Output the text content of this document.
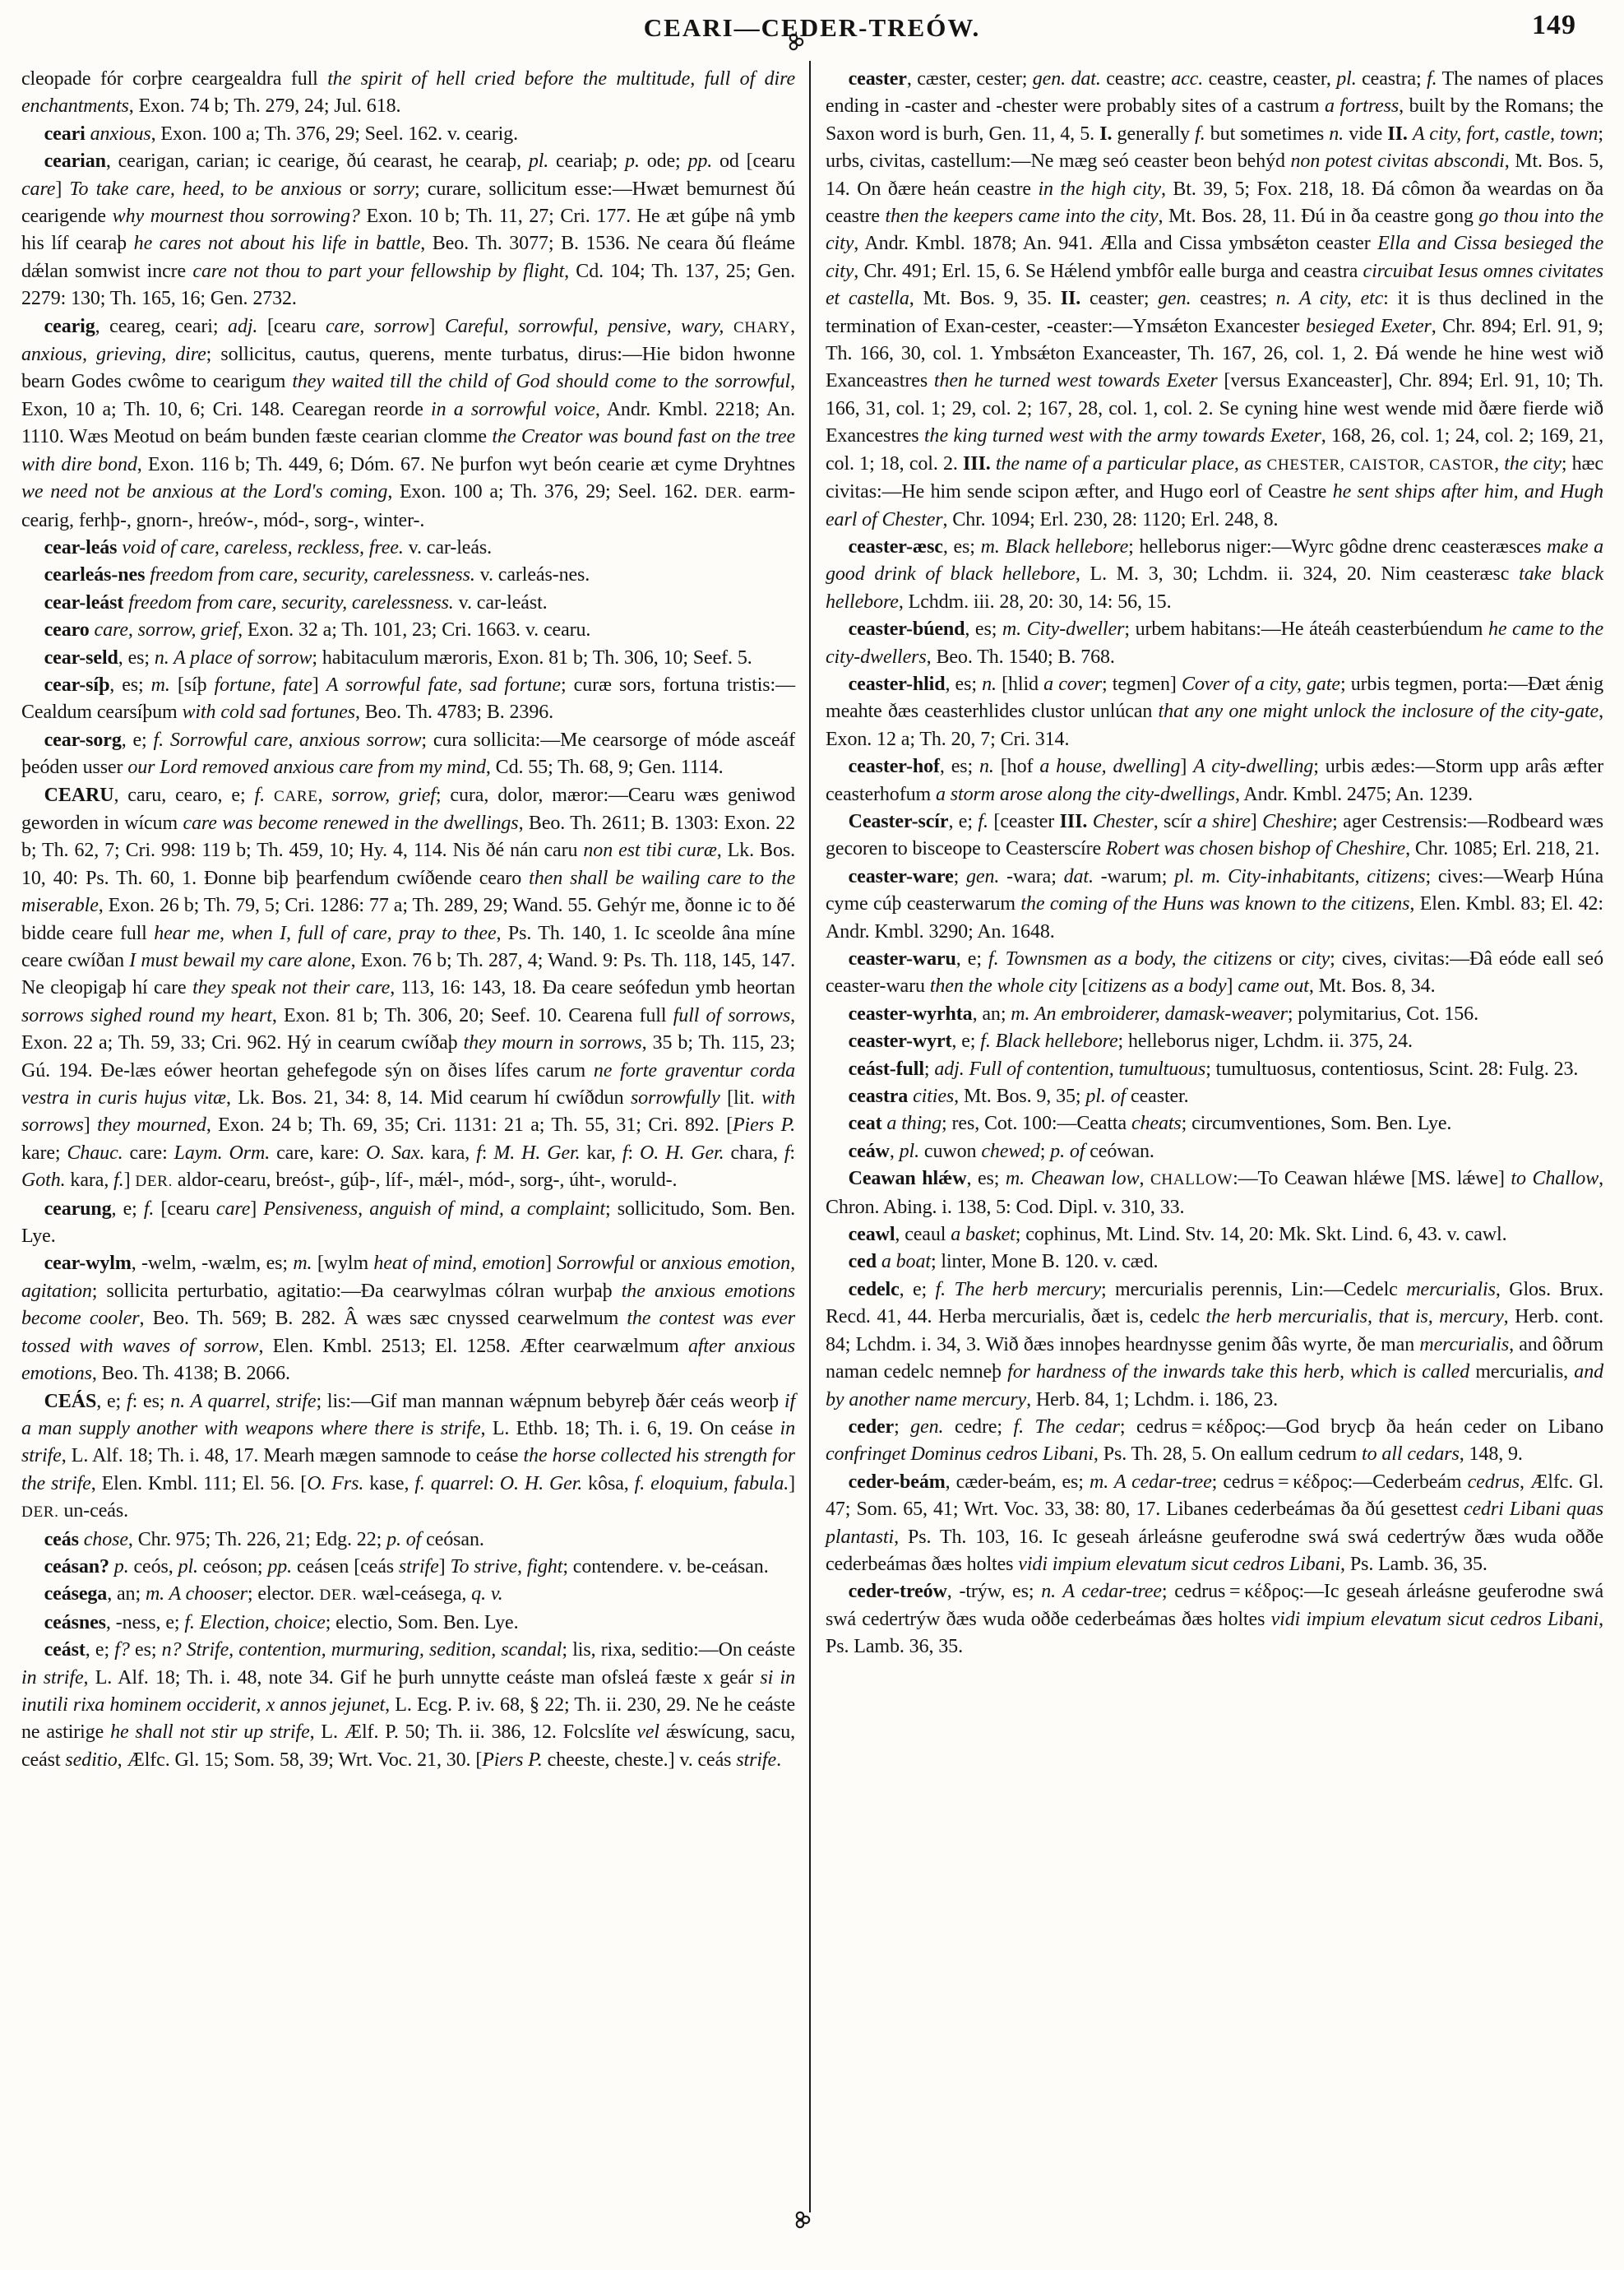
CEARI—CEDER-TREÓW.	149

cleopade fór corþre ceargealdra full the spirit of hell cried before the multitude, full of dire enchantments, Exon. 74 b; Th. 279, 24; Jul. 618.

ceari anxious, Exon. 100 a; Th. 376, 29; Seel. 162. v. cearig.

cearian, cearigan, carian; ic cearige, ðú cearast, he cearaþ, pl. ceariaþ; p. ode; pp. od [cearu care] To take care, heed, to be anxious or sorry; curare, sollicitum esse:—Hwæt bemurnest ðú cearigende why mournest thou sorrowing? Exon. 10 b; Th. 11, 27; Cri. 177. He æt gúþe nâ ymb his líf cearaþ he cares not about his life in battle, Beo. Th. 3077; B. 1536. Ne ceara ðú fleáme dǽlan somwist incre care not thou to part your fellowship by flight, Cd. 104; Th. 137, 25; Gen. 2279: 130; Th. 165, 16; Gen. 2732.

cearig, ceareg, ceari; adj. [cearu care, sorrow] Careful, sorrowful, pensive, wary, CHARY, anxious, grieving, dire; sollicitus, cautus, querens, mente turbatus, dirus:—Hie bidon hwonne bearn Godes cwôme to cearigum they waited till the child of God should come to the sorrowful, Exon, 10 a; Th. 10, 6; Cri. 148. Cearegan reorde in a sorrowful voice, Andr. Kmbl. 2218; An. 1110. Wæs Meotud on beám bunden fæste cearian clomme the Creator was bound fast on the tree with dire bond, Exon. 116 b; Th. 449, 6; Dóm. 67. Ne þurfon wyt beón cearie æt cyme Dryhtnes we need not be anxious at the Lord's coming, Exon. 100 a; Th. 376, 29; Seel. 162. DER. earm-cearig, ferhþ-, gnorn-, hreów-, mód-, sorg-, winter-.

cear-leás void of care, careless, reckless, free. v. car-leás.

cearleás-nes freedom from care, security, carelessness. v. carleás-nes.

cear-leást freedom from care, security, carelessness. v. car-leást.

cearo care, sorrow, grief, Exon. 32 a; Th. 101, 23; Cri. 1663. v. cearu.

cear-seld, es; n. A place of sorrow; habitaculum mæroris, Exon. 81 b; Th. 306, 10; Seef. 5.

cear-síþ, es; m. [síþ fortune, fate] A sorrowful fate, sad fortune; curæ sors, fortuna tristis:—Cealdum cearsíþum with cold sad fortunes, Beo. Th. 4783; B. 2396.

cear-sorg, e; f. Sorrowful care, anxious sorrow; cura sollicita:—Me cearsorge of móde asceáf þeóden usser our Lord removed anxious care from my mind, Cd. 55; Th. 68, 9; Gen. 1114.

CEARU, caru, cearo, e; f. CARE, sorrow, grief; cura, dolor, mæror:—Cearu wæs geniwod geworden in wícum care was become renewed in the dwellings, Beo. Th. 2611; B. 1303: Exon. 22 b; Th. 62, 7; Cri. 998: 119 b; Th. 459, 10; Hy. 4, 114. Nis ðé nán caru non est tibi curæ, Lk. Bos. 10, 40: Ps. Th. 60, 1. Ðonne biþ þearfendum cwíðende cearo then shall be wailing care to the miserable, Exon. 26 b; Th. 79, 5; Cri. 1286: 77 a; Th. 289, 29; Wand. 55. Gehýr me, ðonne ic to ðé bidde ceare full hear me, when I, full of care, pray to thee, Ps. Th. 140, 1. Ic sceolde âna míne ceare cwíðan I must bewail my care alone, Exon. 76 b; Th. 287, 4; Wand. 9: Ps. Th. 118, 145, 147. Ne cleopigaþ hí care they speak not their care, 113, 16: 143, 18. Ða ceare seófedun ymb heortan sorrows sighed round my heart, Exon. 81 b; Th. 306, 20; Seef. 10. Cearena full full of sorrows, Exon. 22 a; Th. 59, 33; Cri. 962. Hý in cearum cwíðaþ they mourn in sorrows, 35 b; Th. 115, 23; Gú. 194. Ðe-læs eówer heortan gehefegode sýn on ðises lífes carum ne forte graventur corda vestra in curis hujus vitæ, Lk. Bos. 21, 34: 8, 14. Mid cearum hí cwíðdun sorrowfully [lit. with sorrows] they mourned, Exon. 24 b; Th. 69, 35; Cri. 1131: 21 a; Th. 55, 31; Cri. 892. [Piers P. kare; Chauc. care: Laym. Orm. care, kare: O. Sax. kara, f: M. H. Ger. kar, f: O. H. Ger. chara, f: Goth. kara, f.] DER. aldor-cearu, breóst-, gúþ-, líf-, mǽl-, mód-, sorg-, úht-, woruld-.

cearung, e; f. [cearu care] Pensiveness, anguish of mind, a complaint; sollicitudo, Som. Ben. Lye.

cear-wylm, -welm, -wælm, es; m. [wylm heat of mind, emotion] Sorrowful or anxious emotion, agitation; sollicita perturbatio, agitatio:—Ða cearwylmas cólran wurþaþ the anxious emotions become cooler, Beo. Th. 569; B. 282. Â wæs sæc cnyssed cearwelmum the contest was ever tossed with waves of sorrow, Elen. Kmbl. 2513; El. 1258. Æfter cearwælmum after anxious emotions, Beo. Th. 4138; B. 2066.

CEÁS, e; f: es; n. A quarrel, strife; lis:—Gif man mannan wǽpnum bebyreþ ðǽr ceás weorþ if a man supply another with weapons where there is strife, L. Ethb. 18; Th. i. 6, 19. On ceáse in strife, L. Alf. 18; Th. i. 48, 17. Mearh mægen samnode to ceáse the horse collected his strength for the strife, Elen. Kmbl. 111; El. 56. [O. Frs. kase, f. quarrel: O. H. Ger. kôsa, f. eloquium, fabula.] DER. un-ceás.

ceás chose, Chr. 975; Th. 226, 21; Edg. 22; p. of ceósan.

ceásan? p. ceós, pl. ceóson; pp. ceásen [ceás strife] To strive, fight; contendere. v. be-ceásan.

ceásega, an; m. A chooser; elector. DER. wæl-ceásega, q. v.

ceásnes, -ness, e; f. Election, choice; electio, Som. Ben. Lye.

ceást, e; f? es; n? Strife, contention, murmuring, sedition, scandal; lis, rixa, seditio:—On ceáste in strife, L. Alf. 18; Th. i. 48, note 34. Gif he þurh unnytte ceáste man ofsleá fæste x geár si in inutili rixa hominem occiderit, x annos jejunet, L. Ecg. P. iv. 68, § 22; Th. ii. 230, 29. Ne he ceáste ne astirige he shall not stir up strife, L. Ælf. P. 50; Th. ii. 386, 12. Folcslíte vel ǽswícung, sacu, ceást seditio, Ælfc. Gl. 15; Som. 58, 39; Wrt. Voc. 21, 30. [Piers P. cheeste, cheste.] v. ceás strife.

ceaster, cæster, cester; gen. dat. ceastre; acc. ceastre, ceaster, pl. ceastra; f. The names of places ending in -caster and -chester were probably sites of a castrum a fortress, built by the Romans; the Saxon word is burh, Gen. 11, 4, 5. I. generally f. but sometimes n. vide II. A city, fort, castle, town; urbs, civitas, castellum:—Ne mæg seó ceaster beon behýd non potest civitas abscondi, Mt. Bos. 5, 14. On ðære heán ceastre in the high city, Bt. 39, 5; Fox. 218, 18. Ðá cômon ða weardas on ða ceastre then the keepers came into the city, Mt. Bos. 28, 11. Ðú in ða ceastre gong go thou into the city, Andr. Kmbl. 1878; An. 941. Ælla and Cissa ymbsǽton ceaster Ella and Cissa besieged the city, Chr. 491; Erl. 15, 6. Se Hǽlend ymbfôr ealle burga and ceastra circuibat Iesus omnes civitates et castella, Mt. Bos. 9, 35. II. ceaster; gen. ceastres; n. A city, etc: it is thus declined in the termination of Exan-cester, -ceaster:—Ymsǽton Exancester besieged Exeter, Chr. 894; Erl. 91, 9; Th. 166, 30, col. 1. Ymbsǽton Exanceaster, Th. 167, 26, col. 1, 2. Ðá wende he hine west wið Exanceastres then he turned west towards Exeter [versus Exanceaster], Chr. 894; Erl. 91, 10; Th. 166, 31, col. 1; 29, col. 2; 167, 28, col. 1, col. 2. Se cyning hine west wende mid ðære fierde wið Exancestres the king turned west with the army towards Exeter, 168, 26, col. 1; 24, col. 2; 169, 21, col. 1; 18, col. 2. III. the name of a particular place, as CHESTER, CAISTOR, CASTOR, the city; hæc civitas:—He him sende scipon æfter, and Hugo eorl of Ceastre he sent ships after him, and Hugh earl of Chester, Chr. 1094; Erl. 230, 28: 1120; Erl. 248, 8.

ceaster-æsc, es; m. Black hellebore; helleborus niger:—Wyrc gôdne drenc ceasteræsces make a good drink of black hellebore, L. M. 3, 30; Lchdm. ii. 324, 20. Nim ceasteræsc take black hellebore, Lchdm. iii. 28, 20: 30, 14: 56, 15.

ceaster-búend, es; m. City-dweller; urbem habitans:—He áteáh ceasterbúendum he came to the city-dwellers, Beo. Th. 1540; B. 768.

ceaster-hlid, es; n. [hlid a cover; tegmen] Cover of a city, gate; urbis tegmen, porta:—Ðæt ǽnig meahte ðæs ceasterhlides clustor unlúcan that any one might unlock the inclosure of the city-gate, Exon. 12 a; Th. 20, 7; Cri. 314.

ceaster-hof, es; n. [hof a house, dwelling] A city-dwelling; urbis ædes:—Storm upp arâs æfter ceasterhofum a storm arose along the city-dwellings, Andr. Kmbl. 2475; An. 1239.

Ceaster-scír, e; f. [ceaster III. Chester, scír a shire] Cheshire; ager Cestrensis:—Rodbeard wæs gecoren to bisceope to Ceasterscíre Robert was chosen bishop of Cheshire, Chr. 1085; Erl. 218, 21.

ceaster-ware; gen. -wara; dat. -warum; pl. m. City-inhabitants, citizens; cives:—Wearþ Húna cyme cúþ ceasterwarum the coming of the Huns was known to the citizens, Elen. Kmbl. 83; El. 42: Andr. Kmbl. 3290; An. 1648.

ceaster-waru, e; f. Townsmen as a body, the citizens or city; cives, civitas:—Ðâ eóde eall seó ceaster-waru then the whole city [citizens as a body] came out, Mt. Bos. 8, 34.

ceaster-wyrhta, an; m. An embroiderer, damask-weaver; polymitarius, Cot. 156.

ceaster-wyrt, e; f. Black hellebore; helleborus niger, Lchdm. ii. 375, 24.

ceást-full; adj. Full of contention, tumultuous; tumultuosus, contentiosus, Scint. 28: Fulg. 23.

ceastra cities, Mt. Bos. 9, 35; pl. of ceaster.

ceat a thing; res, Cot. 100:—Ceatta cheats; circumventiones, Som. Ben. Lye.

ceáw, pl. cuwon chewed; p. of ceówan.

Ceawan hlǽw, es; m. Cheawan low, CHALLOW:—To Ceawan hlǽwe [MS. lǽwe] to Challow, Chron. Abing. i. 138, 5: Cod. Dipl. v. 310, 33.

ceawl, ceaul a basket; cophinus, Mt. Lind. Stv. 14, 20: Mk. Skt. Lind. 6, 43. v. cawl.

ced a boat; linter, Mone B. 120. v. cæd.

cedelc, e; f. The herb mercury; mercurialis perennis, Lin:—Cedelc mercurialis, Glos. Brux. Recd. 41, 44. Herba mercurialis, ðæt is, cedelc the herb mercurialis, that is, mercury, Herb. cont. 84; Lchdm. i. 34, 3. Wið ðæs innoþes heardnysse genim ðâs wyrte, ðe man mercurialis, and ôðrum naman cedelc nemneþ for hardness of the inwards take this herb, which is called mercurialis, and by another name mercury, Herb. 84, 1; Lchdm. i. 186, 23.

ceder; gen. cedre; f. The cedar; cedrus = κέδρος:—God brycþ ða heán ceder on Libano confringet Dominus cedros Libani, Ps. Th. 28, 5. On eallum cedrum to all cedars, 148, 9.

ceder-beám, cæder-beám, es; m. A cedar-tree; cedrus = κέδρος:—Cederbeám cedrus, Ælfc. Gl. 47; Som. 65, 41; Wrt. Voc. 33, 38: 80, 17. Libanes cederbeámas ða ðú gesettest cedri Libani quas plantasti, Ps. Th. 103, 16. Ic geseah árleásne geuferodne swá swá cedertrýw ðæs wuda oððe cederbeámas ðæs holtes vidi impium elevatum sicut cedros Libani, Ps. Lamb. 36, 35.

ceder-treów, -trýw, es; n. A cedar-tree; cedrus = κέδρος:—Ic geseah árleásne geuferodne swá swá cedertrýw ðæs wuda oððe cederbeámas ðæs holtes vidi impium elevatum sicut cedros Libani, Ps. Lamb. 36, 35.
